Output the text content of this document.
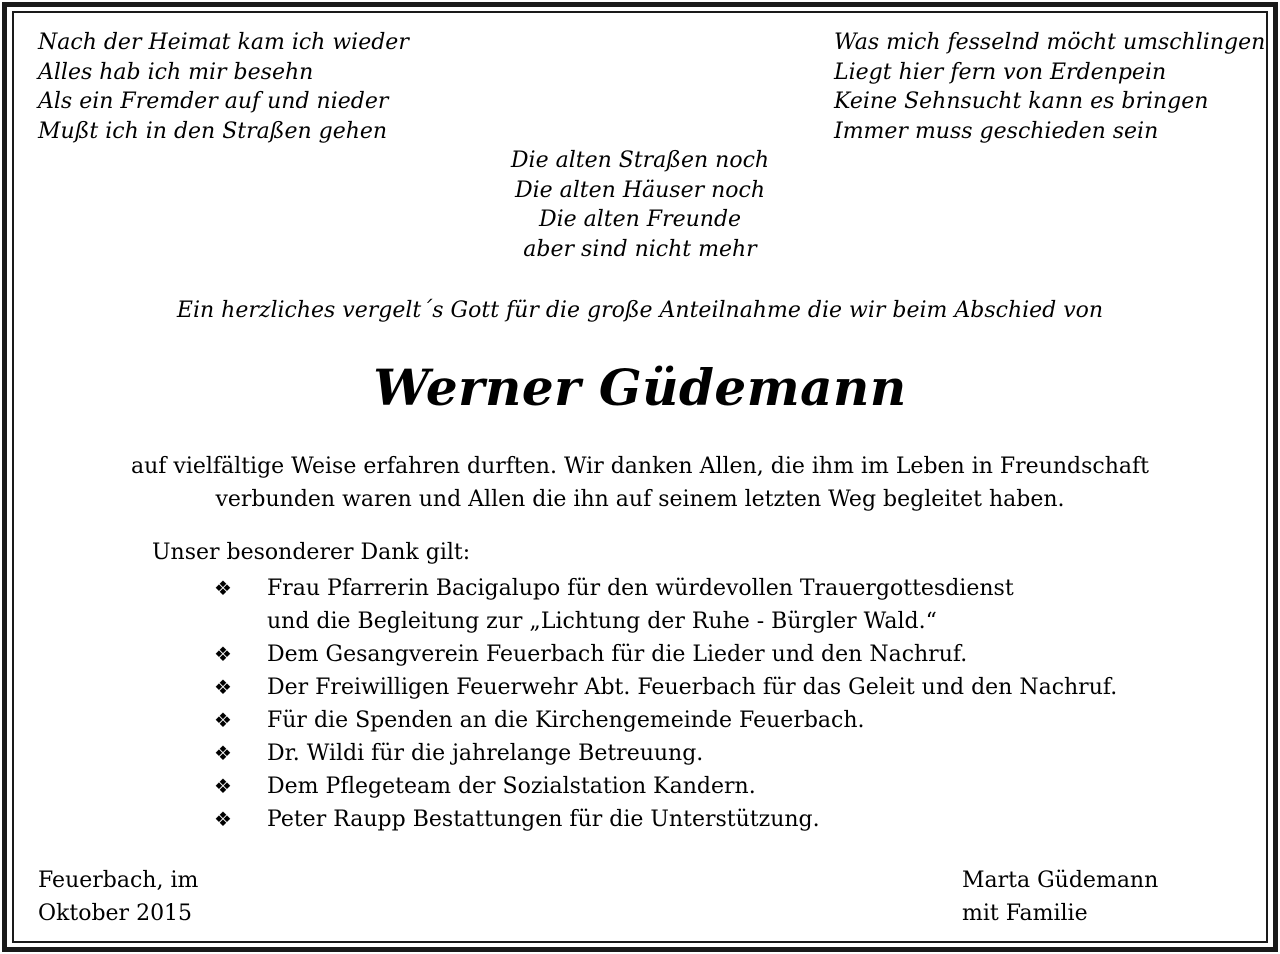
Nach der Heimat kam ich wieder
Alles hab ich mir besehn
Als ein Fremder auf und nieder
Mußt ich in den Straßen gehen
Was mich fesselnd möcht umschlingen
Liegt hier fern von Erdenpein
Keine Sehnsucht kann es bringen
Immer muss geschieden sein
Die alten Straßen noch
Die alten Häuser noch
Die alten Freunde
aber sind nicht mehr
Ein herzliches vergelt´s Gott für die große Anteilnahme die wir beim Abschied von
Werner Güdemann
auf vielfältige Weise erfahren durften. Wir danken Allen, die ihm im Leben in Freundschaft
verbunden waren und Allen die ihn auf seinem letzten Weg begleitet haben.
Unser besonderer Dank gilt:
❖ Frau Pfarrerin Bacigalupo für den würdevollen Trauergottesdienst
und die Begleitung zur „Lichtung der Ruhe - Bürgler Wald.“
❖ Dem Gesangverein Feuerbach für die Lieder und den Nachruf.
❖ Der Freiwilligen Feuerwehr Abt. Feuerbach für das Geleit und den Nachruf.
❖ Für die Spenden an die Kirchengemeinde Feuerbach.
❖ Dr. Wildi für die jahrelange Betreuung.
❖ Dem Pflegeteam der Sozialstation Kandern.
❖ Peter Raupp Bestattungen für die Unterstützung.
Feuerbach, im
Oktober 2015
Marta Güdemann
mit Familie
